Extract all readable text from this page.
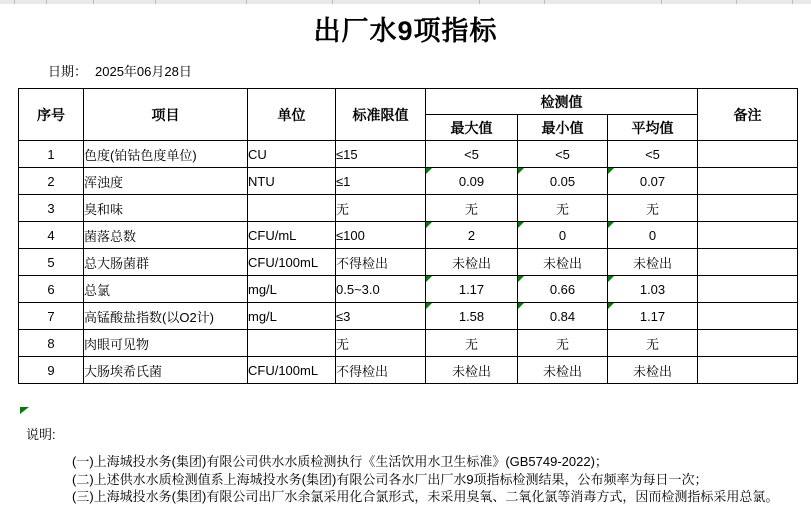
出厂水9项指标
日期： 2025年06月28日
序号	项目	单位	标准限值	检测值			备注
				最大值	最小值	平均值	
1	色度(铂钴色度单位)	CU	≤15	<5	<5	<5	
2	浑浊度	NTU	≤1	0.09	0.05	0.07

3	臭和味		无	无	无	无	
4	菌落总数	CFU/mL	≤100	2	0	0

5	总大肠菌群	CFU/100mL	不得检出	未检出	未检出	未检出	
6	总氯	mg/L	0.5~3.0	1.17	0.66	1.03

7	高锰酸盐指数(以O2计)	mg/L	≤3	1.58	0.84	1.17

8	肉眼可见物		无	无	无	无	
9	大肠埃希氏菌	CFU/100mL	不得检出	未检出	未检出	未检出	
说明:
(一)上海城投水务(集团)有限公司供水水质检测执行《生活饮用水卫生标准》(GB5749-2022)；
(二)上述供水水质检测值系上海城投水务(集团)有限公司各水厂出厂水9项指标检测结果，公布频率为每日一次；
(三)上海城投水务(集团)有限公司出厂水余氯采用化合氯形式，未采用臭氧、二氧化氯等消毒方式，因而检测指标采用总氯。
